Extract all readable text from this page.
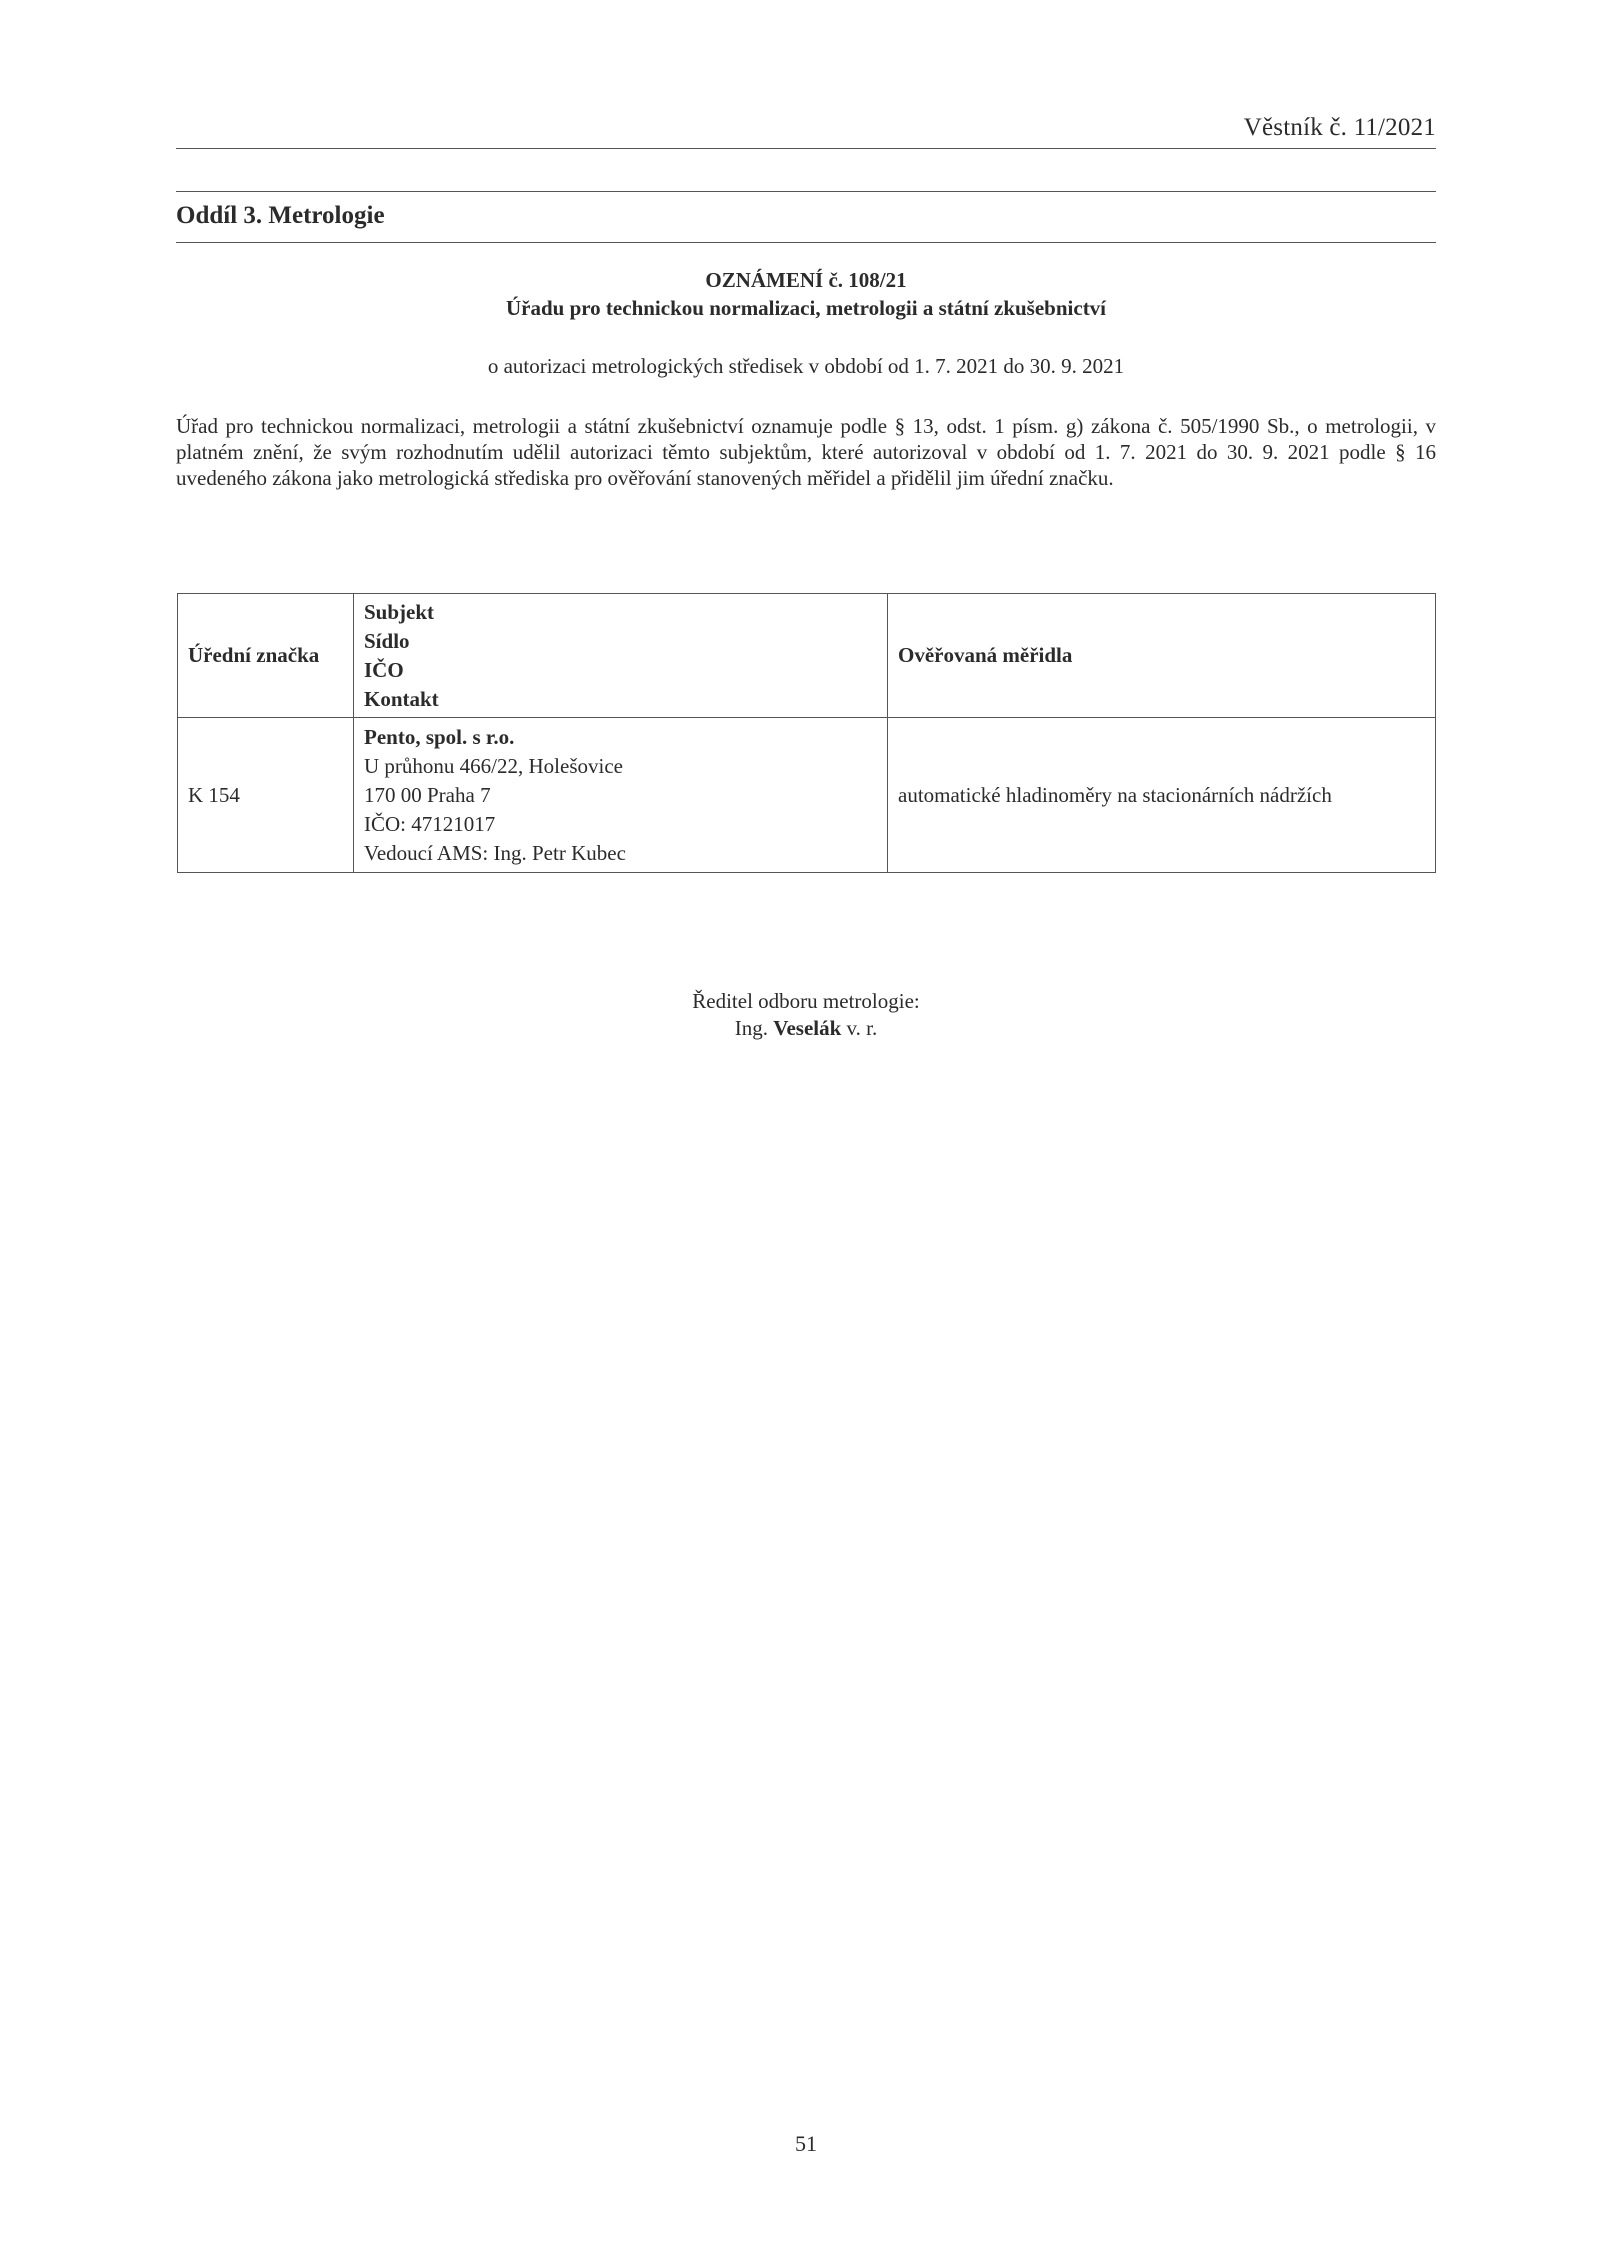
Věstník č. 11/2021
Oddíl 3. Metrologie
OZNÁMENÍ č. 108/21
Úřadu pro technickou normalizaci, metrologii a státní zkušebnictví
o autorizaci metrologických středisek v období od 1. 7. 2021 do 30. 9. 2021
Úřad pro technickou normalizaci, metrologii a státní zkušebnictví oznamuje podle § 13, odst. 1 písm. g) zákona č. 505/1990 Sb., o metrologii, v platném znění, že svým rozhodnutím udělil autorizaci těmto subjektům, které autorizoval v období od 1. 7. 2021 do 30. 9. 2021 podle § 16 uvedeného zákona jako metrologická střediska pro ověřování stanovených měřidel a přidělil jim úřední značku.
Úřední značka	Subjekt
Sídlo
IČO
Kontakt	Ověřovaná měřidla
K 154	Pento, spol. s r.o.
U průhonu 466/22, Holešovice
170 00 Praha 7
IČO: 47121017
Vedoucí AMS: Ing. Petr Kubec	automatické hladinoměry na stacionárních nádržích
Ředitel odboru metrologie:
Ing. Veselák v. r.
51
